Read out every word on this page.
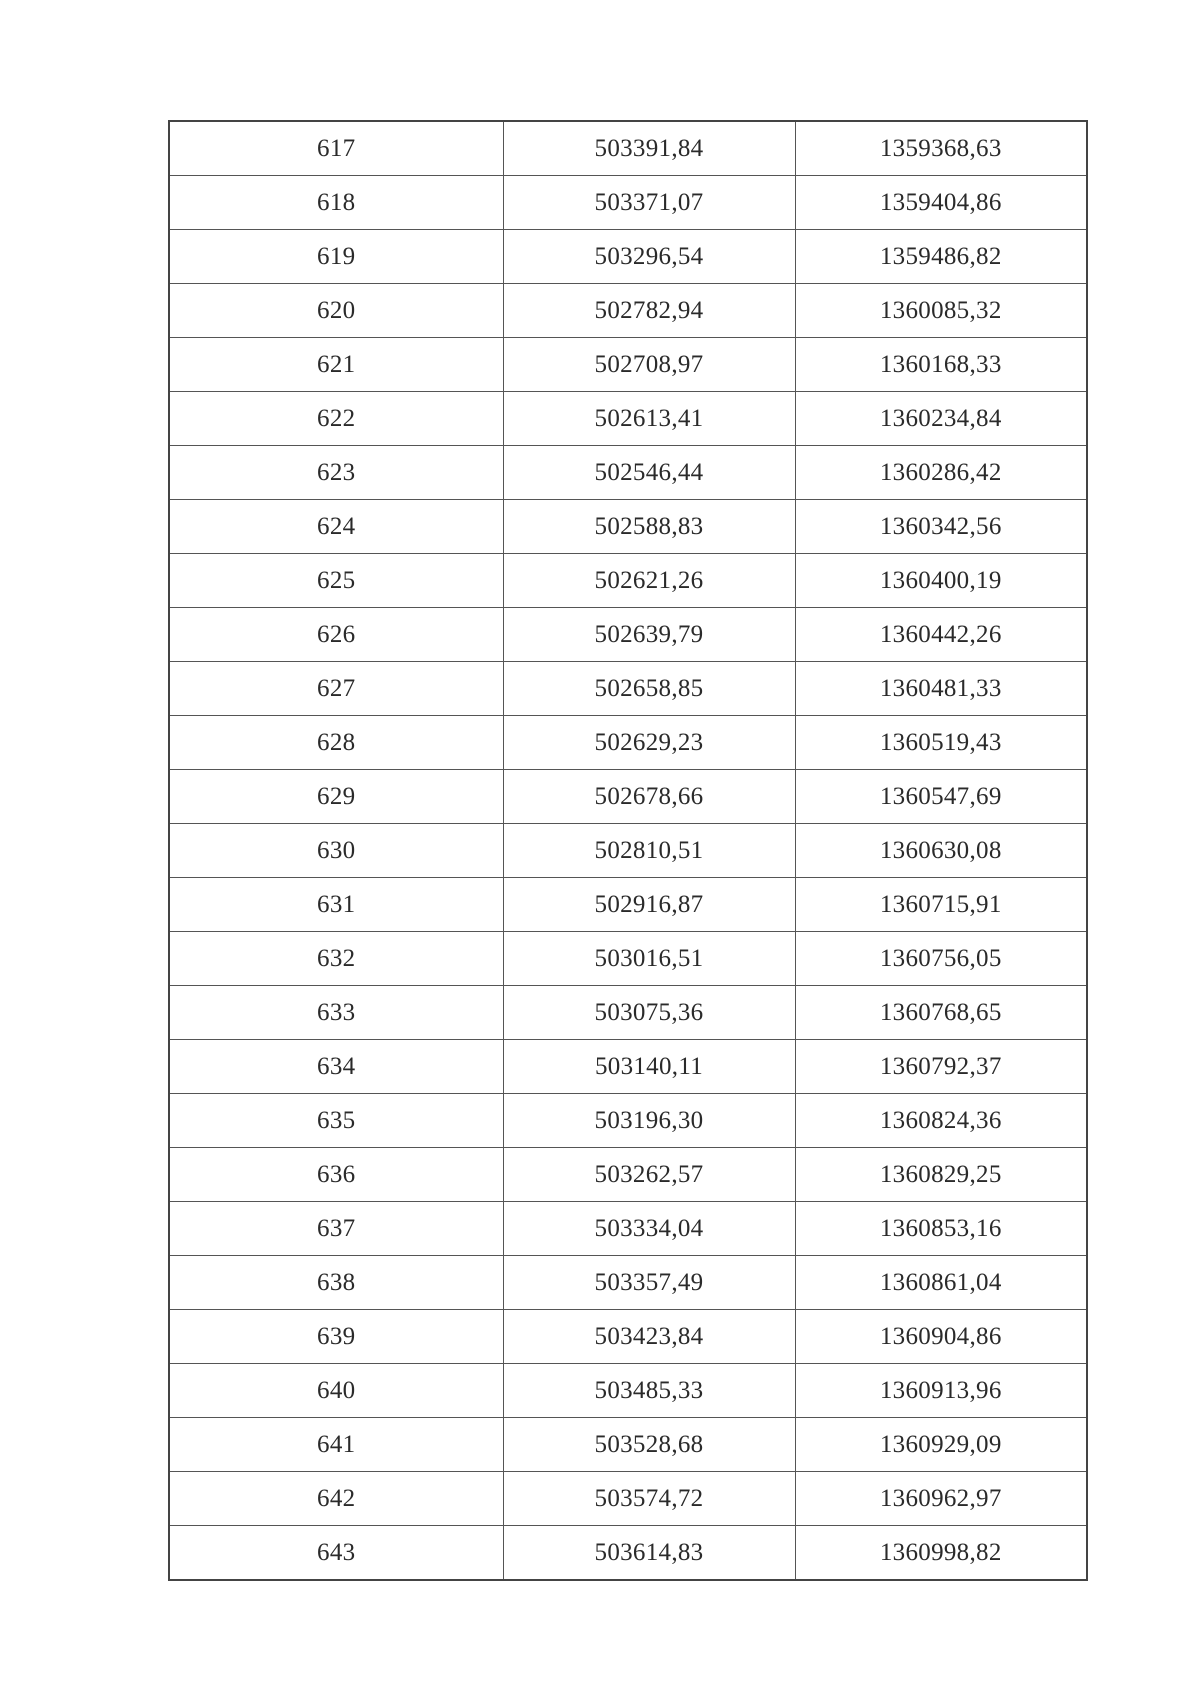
617	503391,84	1359368,63
618	503371,07	1359404,86
619	503296,54	1359486,82
620	502782,94	1360085,32
621	502708,97	1360168,33
622	502613,41	1360234,84
623	502546,44	1360286,42
624	502588,83	1360342,56
625	502621,26	1360400,19
626	502639,79	1360442,26
627	502658,85	1360481,33
628	502629,23	1360519,43
629	502678,66	1360547,69
630	502810,51	1360630,08
631	502916,87	1360715,91
632	503016,51	1360756,05
633	503075,36	1360768,65
634	503140,11	1360792,37
635	503196,30	1360824,36
636	503262,57	1360829,25
637	503334,04	1360853,16
638	503357,49	1360861,04
639	503423,84	1360904,86
640	503485,33	1360913,96
641	503528,68	1360929,09
642	503574,72	1360962,97
643	503614,83	1360998,82
